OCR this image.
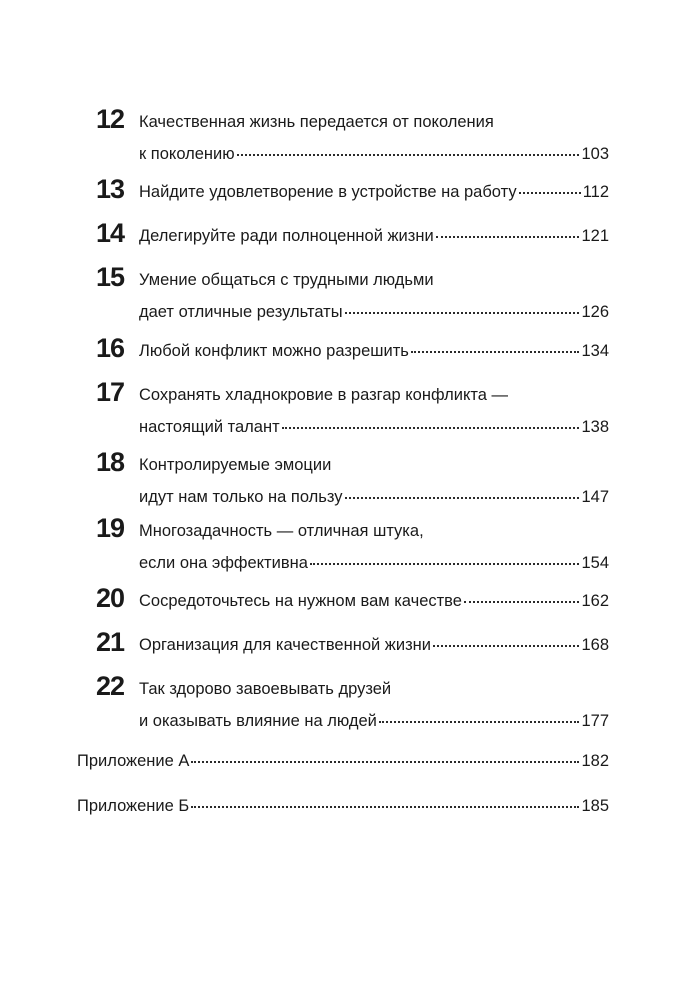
12 Качественная жизнь передается от поколения
к поколению	103
13 Найдите удовлетворение в устройстве на работу	112
14 Делегируйте ради полноценной жизни	121
15 Умение общаться с трудными людьми
дает отличные результаты	126
16 Любой конфликт можно разрешить	134
17 Сохранять хладнокровие в разгар конфликта —
настоящий талант	138
18 Контролируемые эмоции
идут нам только на пользу	147
19 Многозадачность — отличная штука,
если она эффективна	154
20 Сосредоточьтесь на нужном вам качестве	162
21 Организация для качественной жизни	168
22 Так здорово завоевывать друзей
и оказывать влияние на людей	177
Приложение А	182
Приложение Б	185
